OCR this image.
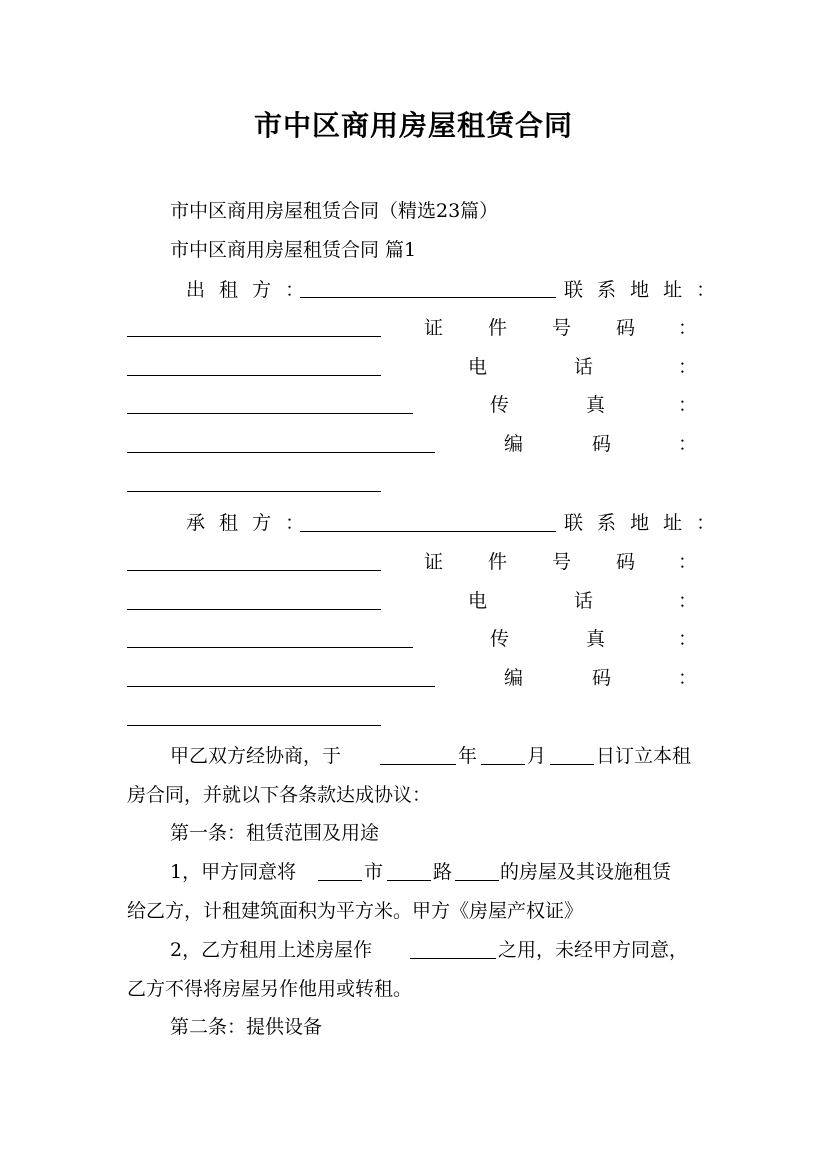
市中区商用房屋租赁合同
市中区商用房屋租赁合同（精选23篇）
市中区商用房屋租赁合同 篇1
出 租 方 ：	联 系 地 址 ：
证 件 号 码 ：
电	话	：
传	真	：
编	码	：
承 租 方 ：	联 系 地 址 ：
证 件 号 码 ：
电	话	：
传	真	：
编	码	：
甲乙双方经协商，于	年	月	日订立本租
房合同，并就以下各条款达成协议：
第一条：租赁范围及用途
1，甲方同意将	市	路	的房屋及其设施租赁
给乙方，计租建筑面积为平方米。甲方《房屋产权证》
2，乙方租用上述房屋作	之用，未经甲方同意，
乙方不得将房屋另作他用或转租。
第二条：提供设备
